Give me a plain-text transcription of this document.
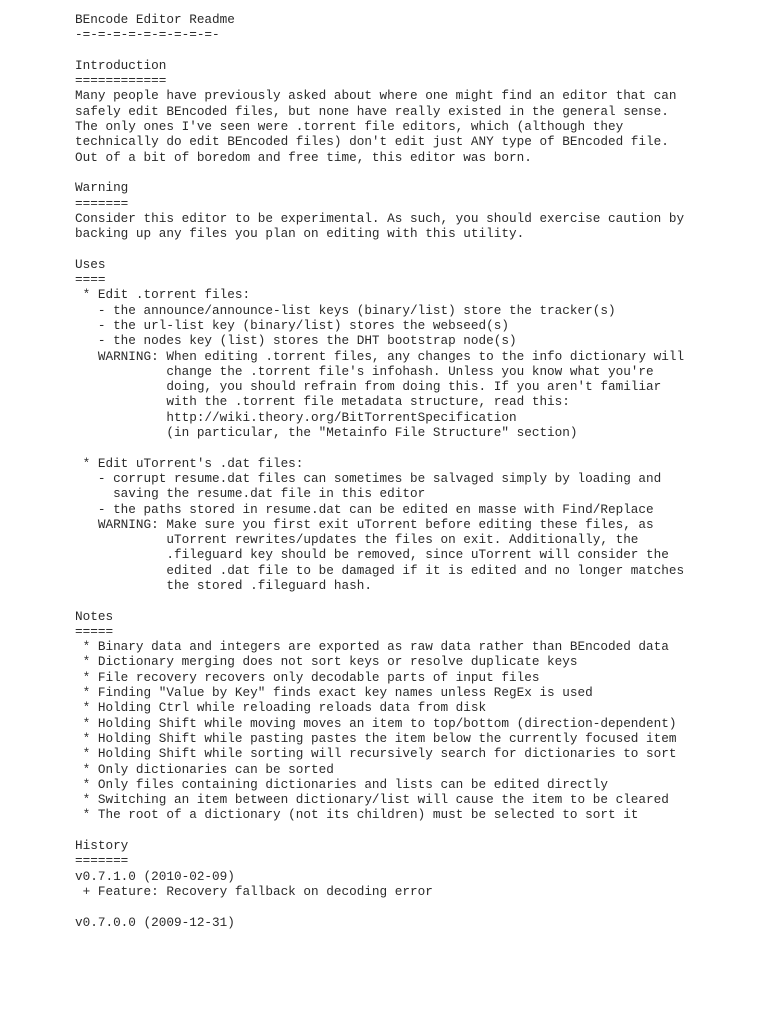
BEncode Editor Readme
-=-=-=-=-=-=-=-=-=-
Introduction
============
Many people have previously asked about where one might find an editor that can
safely edit BEncoded files, but none have really existed in the general sense.
The only ones I've seen were .torrent file editors, which (although they
technically do edit BEncoded files) don't edit just ANY type of BEncoded file.
Out of a bit of boredom and free time, this editor was born.
Warning
=======
Consider this editor to be experimental. As such, you should exercise caution by
backing up any files you plan on editing with this utility.
Uses
====
* Edit .torrent files:
- the announce/announce-list keys (binary/list) store the tracker(s)
- the url-list key (binary/list) stores the webseed(s)
- the nodes key (list) stores the DHT bootstrap node(s)
WARNING: When editing .torrent files, any changes to the info dictionary will
change the .torrent file's infohash. Unless you know what you're
doing, you should refrain from doing this. If you aren't familiar
with the .torrent file metadata structure, read this:
http://wiki.theory.org/BitTorrentSpecification
(in particular, the "Metainfo File Structure" section)
* Edit uTorrent's .dat files:
- corrupt resume.dat files can sometimes be salvaged simply by loading and
saving the resume.dat file in this editor
- the paths stored in resume.dat can be edited en masse with Find/Replace
WARNING: Make sure you first exit uTorrent before editing these files, as
uTorrent rewrites/updates the files on exit. Additionally, the
.fileguard key should be removed, since uTorrent will consider the
edited .dat file to be damaged if it is edited and no longer matches
the stored .fileguard hash.
Notes
=====
* Binary data and integers are exported as raw data rather than BEncoded data
* Dictionary merging does not sort keys or resolve duplicate keys
* File recovery recovers only decodable parts of input files
* Finding "Value by Key" finds exact key names unless RegEx is used
* Holding Ctrl while reloading reloads data from disk
* Holding Shift while moving moves an item to top/bottom (direction-dependent)
* Holding Shift while pasting pastes the item below the currently focused item
* Holding Shift while sorting will recursively search for dictionaries to sort
* Only dictionaries can be sorted
* Only files containing dictionaries and lists can be edited directly
* Switching an item between dictionary/list will cause the item to be cleared
* The root of a dictionary (not its children) must be selected to sort it
History
=======
v0.7.1.0 (2010-02-09)
+ Feature: Recovery fallback on decoding error
v0.7.0.0 (2009-12-31)
